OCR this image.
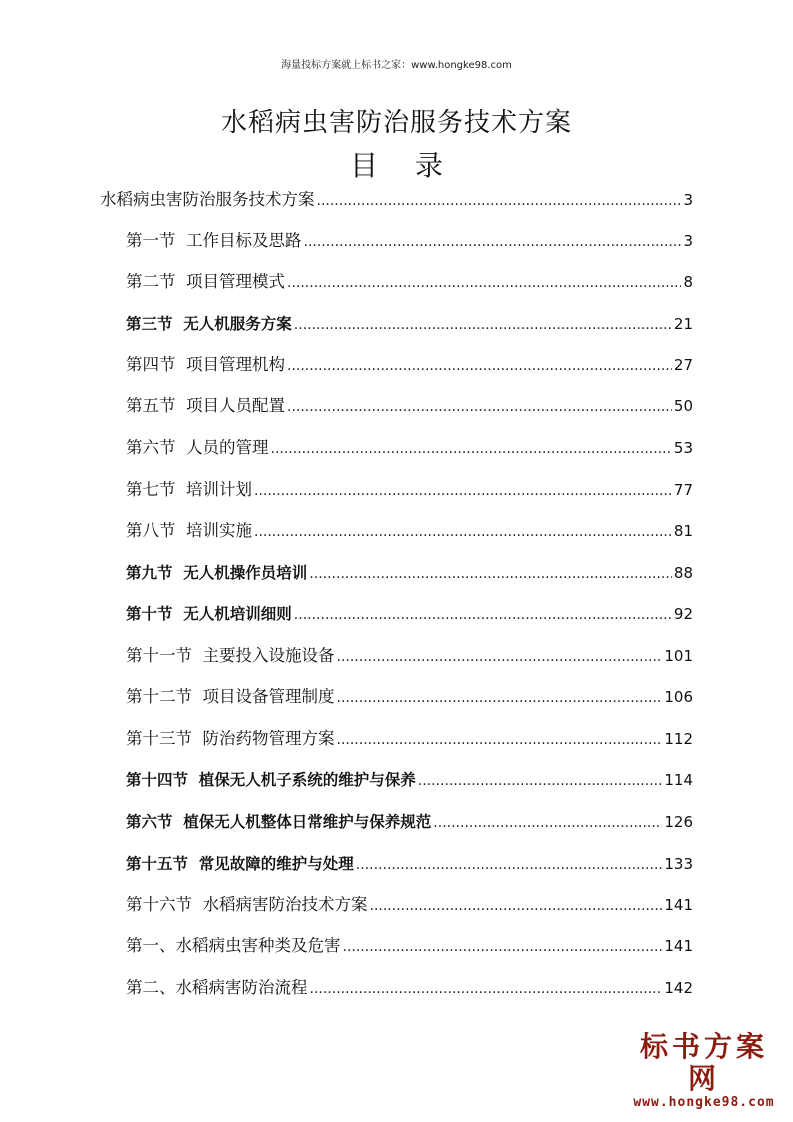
海量投标方案就上标书之家：www.hongke98.com
水稻病虫害防治服务技术方案
目 录
水稻病虫害防治服务技术方案 .....	3
第一节  工作目标及思路 .....	3
第二节  项目管理模式 .....	8
第三节  无人机服务方案 .....	21
第四节  项目管理机构 .....	27
第五节  项目人员配置 .....	50
第六节  人员的管理 .....	53
第七节  培训计划 .....	77
第八节  培训实施 .....	81
第九节  无人机操作员培训 .....	88
第十节  无人机培训细则 .....	92
第十一节  主要投入设施设备 .....	101
第十二节  项目设备管理制度 .....	106
第十三节  防治药物管理方案 .....	112
第十四节  植保无人机子系统的维护与保养 .....	114
第六节  植保无人机整体日常维护与保养规范 .....	126
第十五节  常见故障的维护与处理 .....	133
第十六节  水稻病害防治技术方案 .....	141
第一、水稻病虫害种类及危害 .....	141
第二、水稻病害防治流程 .....	142
标书方案网
www.hongke98.com
